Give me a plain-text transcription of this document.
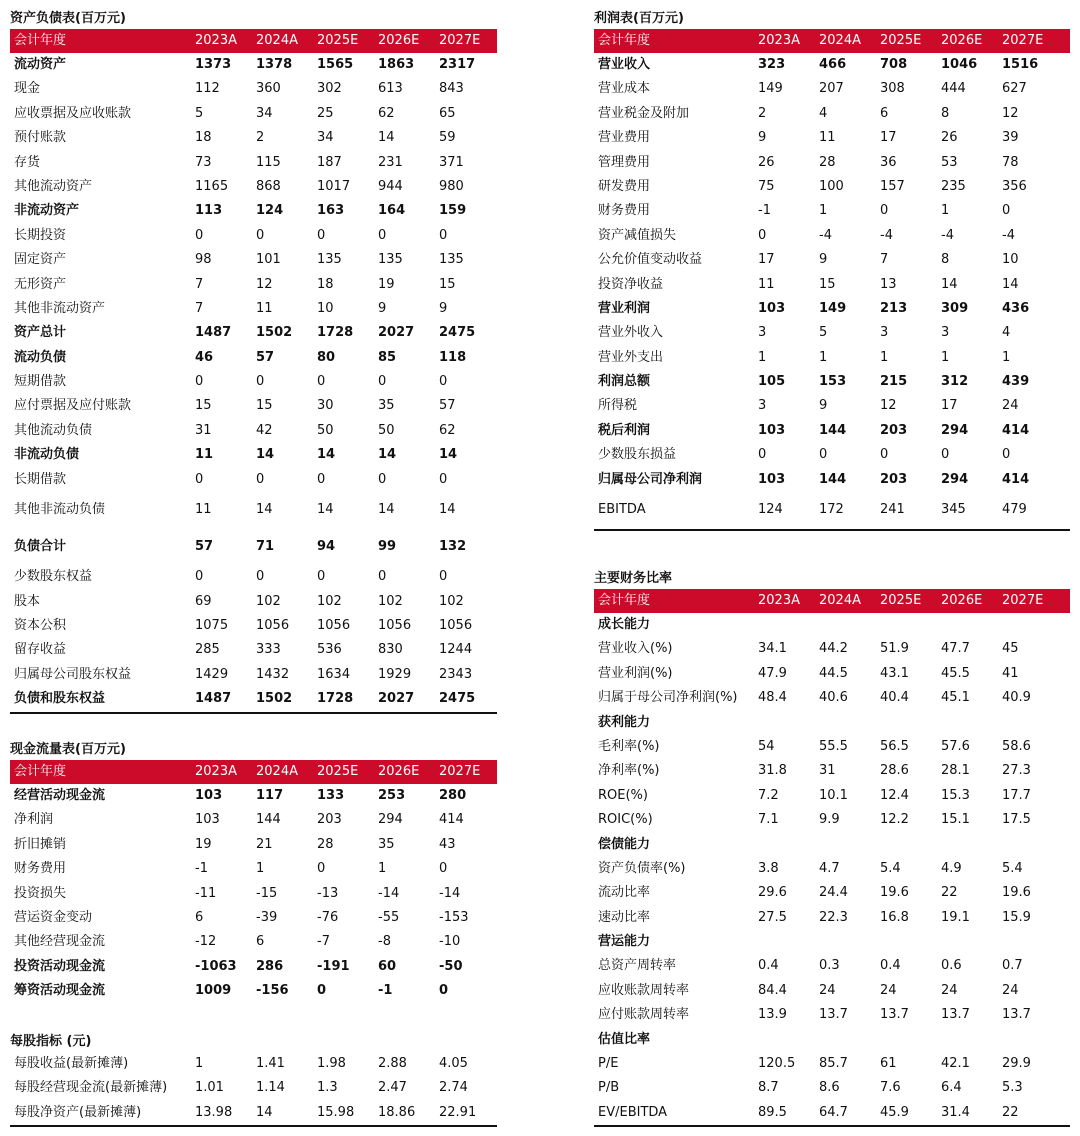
资产负债表(百万元)
会计年度	2023A	2024A	2025E	2026E	2027E
流动资产	1373	1378	1565	1863	2317
现金	112	360	302	613	843
应收票据及应收账款	5	34	25	62	65
预付账款	18	2	34	14	59
存货	73	115	187	231	371
其他流动资产	1165	868	1017	944	980
非流动资产	113	124	163	164	159
长期投资	0	0	0	0	0
固定资产	98	101	135	135	135
无形资产	7	12	18	19	15
其他非流动资产	7	11	10	9	9
资产总计	1487	1502	1728	2027	2475
流动负债	46	57	80	85	118
短期借款	0	0	0	0	0
应付票据及应付账款	15	15	30	35	57
其他流动负债	31	42	50	50	62
非流动负债	11	14	14	14	14
长期借款	0	0	0	0	0
其他非流动负债	11	14	14	14	14
负债合计	57	71	94	99	132
少数股东权益	0	0	0	0	0
股本	69	102	102	102	102
资本公积	1075	1056	1056	1056	1056
留存收益	285	333	536	830	1244
归属母公司股东权益	1429	1432	1634	1929	2343
负债和股东权益	1487	1502	1728	2027	2475
现金流量表(百万元)
会计年度	2023A	2024A	2025E	2026E	2027E
经营活动现金流	103	117	133	253	280
净利润	103	144	203	294	414
折旧摊销	19	21	28	35	43
财务费用	-1	1	0	1	0
投资损失	-11	-15	-13	-14	-14
营运资金变动	6	-39	-76	-55	-153
其他经营现金流	-12	6	-7	-8	-10
投资活动现金流	-1063	286	-191	60	-50
筹资活动现金流	1009	-156	0	-1	0
每股指标 (元)
每股收益(最新摊薄)	1	1.41	1.98	2.88	4.05
每股经营现金流(最新摊薄)	1.01	1.14	1.3	2.47	2.74
每股净资产(最新摊薄)	13.98	14	15.98	18.86	22.91
利润表(百万元)
会计年度	2023A	2024A	2025E	2026E	2027E
营业收入	323	466	708	1046	1516
营业成本	149	207	308	444	627
营业税金及附加	2	4	6	8	12
营业费用	9	11	17	26	39
管理费用	26	28	36	53	78
研发费用	75	100	157	235	356
财务费用	-1	1	0	1	0
资产减值损失	0	-4	-4	-4	-4
公允价值变动收益	17	9	7	8	10
投资净收益	11	15	13	14	14
营业利润	103	149	213	309	436
营业外收入	3	5	3	3	4
营业外支出	1	1	1	1	1
利润总额	105	153	215	312	439
所得税	3	9	12	17	24
税后利润	103	144	203	294	414
少数股东损益	0	0	0	0	0
归属母公司净利润	103	144	203	294	414
EBITDA	124	172	241	345	479
主要财务比率
会计年度	2023A	2024A	2025E	2026E	2027E
成长能力
营业收入(%)	34.1	44.2	51.9	47.7	45
营业利润(%)	47.9	44.5	43.1	45.5	41
归属于母公司净利润(%)	48.4	40.6	40.4	45.1	40.9
获利能力
毛利率(%)	54	55.5	56.5	57.6	58.6
净利率(%)	31.8	31	28.6	28.1	27.3
ROE(%)	7.2	10.1	12.4	15.3	17.7
ROIC(%)	7.1	9.9	12.2	15.1	17.5
偿债能力
资产负债率(%)	3.8	4.7	5.4	4.9	5.4
流动比率	29.6	24.4	19.6	22	19.6
速动比率	27.5	22.3	16.8	19.1	15.9
营运能力
总资产周转率	0.4	0.3	0.4	0.6	0.7
应收账款周转率	84.4	24	24	24	24
应付账款周转率	13.9	13.7	13.7	13.7	13.7
估值比率
P/E	120.5	85.7	61	42.1	29.9
P/B	8.7	8.6	7.6	6.4	5.3
EV/EBITDA	89.5	64.7	45.9	31.4	22
